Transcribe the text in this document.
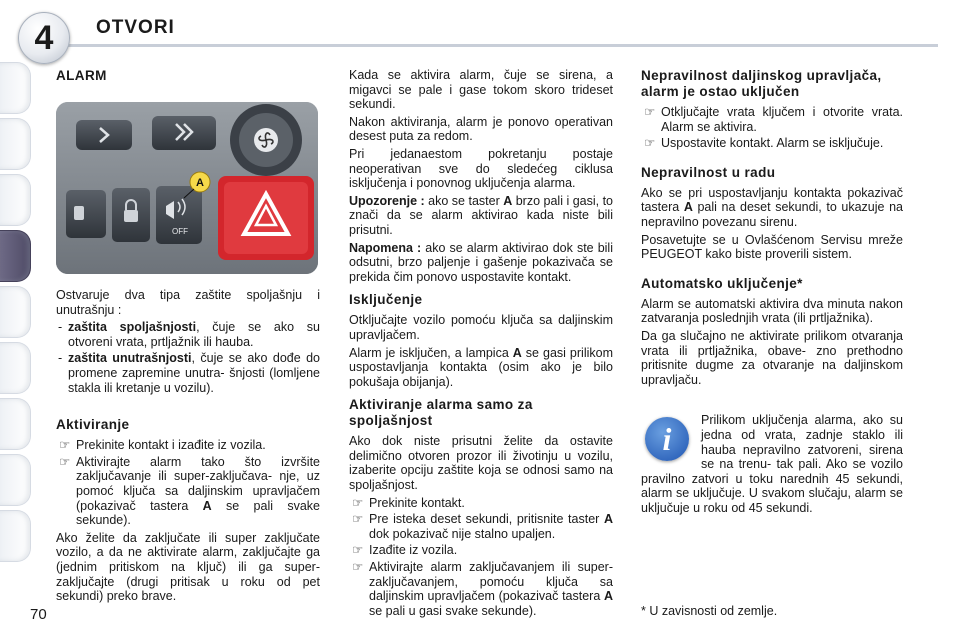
4	OTVORI
ALARM
OFF
A

Ostvaruje dva tipa zaštite spoljašnju i unutrašnju :

- zaštita spoljašnjosti, čuje se ako su otvoreni vrata, prtljažnik ili hauba.
- zaštita unutrašnjosti, čuje se ako dođe do promene zapremine unutra- šnjosti (lomljene stakla ili kretanje u vozilu).
Aktiviranje
☞ Prekinite kontakt i izađite iz vozila.
☞ Aktivirajte alarm tako što izvršite zaključavanje ili super-zaključava- nje, uz pomoć ključa sa daljinskim upravljačem (pokazivač tastera A se pali svake sekunde).

Ako želite da zaključate ili super zaključate vozilo, a da ne aktivirate alarm, zaključajte ga (jednim pritiskom na ključ) ili ga super-zaključajte (drugi pritisak u roku od pet sekundi) preko brave.

Kada se aktivira alarm, čuje se sirena, a migavci se pale i gase tokom skoro trideset sekundi.

Nakon aktiviranja, alarm je ponovo operativan desest puta za redom.

Pri jedanaestom pokretanju postaje neoperativan sve do sledećeg ciklusa isključenja i ponovnog uključenja alarma.

Upozorenje : ako se taster A brzo pali i gasi, to znači da se alarm aktivirao kada niste bili prisutni.

Napomena : ako se alarm aktivirao dok ste bili odsutni, brzo paljenje i gašenje pokazivača se prekida čim ponovo uspostavite kontakt.

Isključenje

Otključajte vozilo pomoću ključa sa daljinskim upravljačem.

Alarm je isključen, a lampica A se gasi prilikom uspostavljanja kontakta (osim ako je bilo pokušaja obijanja).

Aktiviranje alarma samo za spoljašnjost

Ako dok niste prisutni želite da ostavite delimično otvoren prozor ili životinju u vozilu, izaberite opciju zaštite koja se odnosi samo na spoljašnjost.

☞ Prekinite kontakt.
☞ Pre isteka deset sekundi, pritisnite taster A dok pokazivač nije stalno upaljen.
☞ Izađite iz vozila.
☞ Aktivirajte alarm zaključavanjem ili super-zaključavanjem, pomoću ključa sa daljinskim upravljačem (pokazivač tastera A se pali u gasi svake sekunde).
Nepravilnost daljinskog upravljača, alarm je ostao uključen
☞ Otključajte vrata ključem i otvorite vrata. Alarm se aktivira.
☞ Uspostavite kontakt. Alarm se isključuje.
Nepravilnost u radu

Ako se pri uspostavljanju kontakta pokazivač tastera A pali na deset sekundi, to ukazuje na nepravilno povezanu sirenu.

Posavetujte se u Ovlašćenom Servisu mreže PEUGEOT kako biste proverili sistem.

Automatsko uključenje*

Alarm se automatski aktivira dva minuta nakon zatvaranja poslednjih vrata (ili prtljažnika).

Da ga slučajno ne aktivirate prilikom otvaranja vrata ili prtljažnika, obave- zno prethodno pritisnite dugme za otvaranje na daljinskom upravljaču.

i

Prilikom uključenja alarma, ako su jedna od vrata, zadnje staklo ili hauba nepravilno zatvoreni, sirena se na trenu- tak pali. Ako se vozilo pravilno zatvori u toku narednih 45 sekundi, alarm se uključuje. U svakom slučaju, alarm se uključuje u roku od 45 sekundi.

70	* U zavisnosti od zemlje.
